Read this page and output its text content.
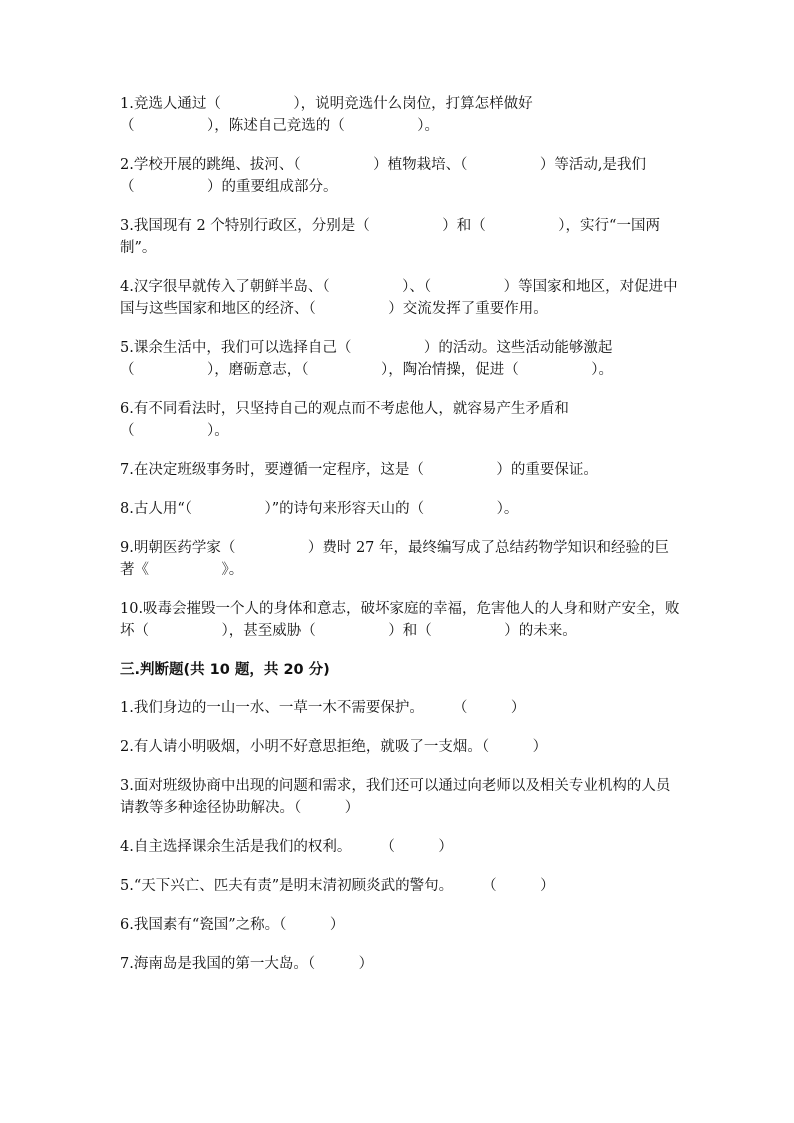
1.竞选人通过（　　　　　），说明竞选什么岗位，打算怎样做好
（　　　　　），陈述自己竞选的（　　　　　）。

2.学校开展的跳绳、拔河、（　　　　　）植物栽培、（　　　　　）等活动,是我们（　　　　　）的重要组成部分。

3.我国现有 2 个特别行政区，分别是（　　　　　）和（　　　　　），实行“一国两制”。

4.汉字很早就传入了朝鲜半岛、（　　　　　）、（　　　　　）等国家和地区，对促进中国与这些国家和地区的经济、（　　　　　）交流发挥了重要作用。

5.课余生活中，我们可以选择自己（　　　　　）的活动。这些活动能够激起（　　　　　），磨砺意志，（　　　　　），陶冶情操，促进（　　　　　）。

6.有不同看法时，只坚持自己的观点而不考虑他人，就容易产生矛盾和
（　　　　　）。

7.在决定班级事务时，要遵循一定程序，这是（　　　　　）的重要保证。

8.古人用“（　　　　　）”的诗句来形容天山的（　　　　　）。

9.明朝医药学家（　　　　　）费时 27 年，最终编写成了总结药物学知识和经验的巨著《　　　　　》。

10.吸毒会摧毁一个人的身体和意志，破坏家庭的幸福，危害他人的人身和财产安全，败坏（　　　　　），甚至威胁（　　　　　）和（　　　　　）的未来。

三.判断题(共 10 题，共 20 分)

1.我们身边的一山一水、一草一木不需要保护。　　　（　　　）

2.有人请小明吸烟，小明不好意思拒绝，就吸了一支烟。（　　　）

3.面对班级协商中出现的问题和需求，我们还可以通过向老师以及相关专业机构的人员请教等多种途径协助解决。（　　　）

4.自主选择课余生活是我们的权利。　　　（　　　）

5.“天下兴亡、匹夫有责”是明末清初顾炎武的警句。　　　（　　　）

6.我国素有“瓷国”之称。（　　　）

7.海南岛是我国的第一大岛。（　　　）
